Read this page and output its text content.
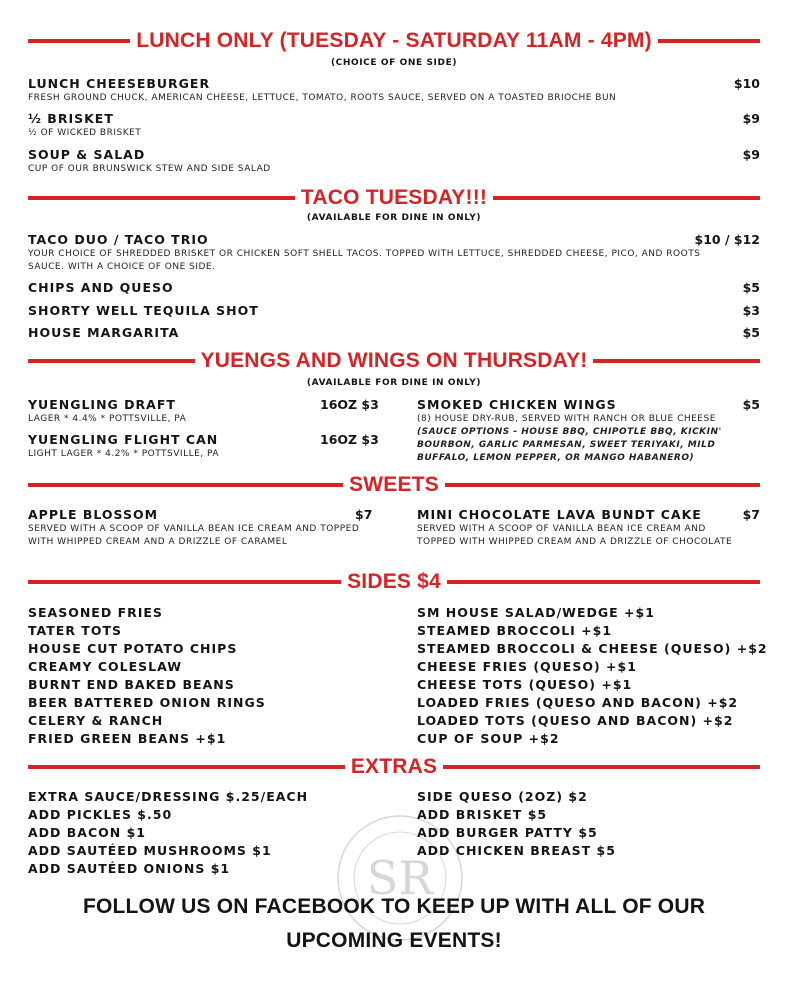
LUNCH ONLY (TUESDAY - SATURDAY 11AM - 4PM)
(CHOICE OF ONE SIDE)
LUNCH CHEESEBURGER	$10
FRESH GROUND CHUCK, AMERICAN CHEESE, LETTUCE, TOMATO, ROOTS SAUCE, SERVED ON A TOASTED BRIOCHE BUN
½ BRISKET	$9
½ OF WICKED BRISKET
SOUP & SALAD	$9
CUP OF OUR BRUNSWICK STEW AND SIDE SALAD
TACO TUESDAY!!!
(AVAILABLE FOR DINE IN ONLY)
TACO DUO / TACO TRIO	$10 / $12
YOUR CHOICE OF SHREDDED BRISKET OR CHICKEN SOFT SHELL TACOS. TOPPED WITH LETTUCE, SHREDDED CHEESE, PICO, AND ROOTS SAUCE. WITH A CHOICE OF ONE SIDE.
CHIPS AND QUESO	$5
SHORTY WELL TEQUILA SHOT	$3
HOUSE MARGARITA	$5
YUENGS AND WINGS ON THURSDAY!
(AVAILABLE FOR DINE IN ONLY)
YUENGLING DRAFT	16OZ $3
LAGER * 4.4% * POTTSVILLE, PA
YUENGLING FLIGHT CAN	16OZ $3
LIGHT LAGER * 4.2% * POTTSVILLE, PA
SMOKED CHICKEN WINGS	$5
(8) HOUSE DRY-RUB, SERVED WITH RANCH OR BLUE CHEESE
(SAUCE OPTIONS - HOUSE BBQ, CHIPOTLE BBQ, KICKIN' BOURBON, GARLIC PARMESAN, SWEET TERIYAKI, MILD BUFFALO, LEMON PEPPER, OR MANGO HABANERO)
SWEETS
APPLE BLOSSOM	$7
SERVED WITH A SCOOP OF VANILLA BEAN ICE CREAM AND TOPPED WITH WHIPPED CREAM AND A DRIZZLE OF CARAMEL
MINI CHOCOLATE LAVA BUNDT CAKE	$7
SERVED WITH A SCOOP OF VANILLA BEAN ICE CREAM AND TOPPED WITH WHIPPED CREAM AND A DRIZZLE OF CHOCOLATE
SIDES $4
SEASONED FRIES
TATER TOTS
HOUSE CUT POTATO CHIPS
CREAMY COLESLAW
BURNT END BAKED BEANS
BEER BATTERED ONION RINGS
CELERY & RANCH
FRIED GREEN BEANS +$1
SM HOUSE SALAD/WEDGE +$1
STEAMED BROCCOLI +$1
STEAMED BROCCOLI & CHEESE (QUESO) +$2
CHEESE FRIES (QUESO) +$1
CHEESE TOTS (QUESO) +$1
LOADED FRIES (QUESO AND BACON) +$2
LOADED TOTS (QUESO AND BACON) +$2
CUP OF SOUP +$2
EXTRAS
SR
EXTRA SAUCE/DRESSING $.25/EACH
ADD PICKLES $.50
ADD BACON $1
ADD SAUTÉED MUSHROOMS $1
ADD SAUTÉED ONIONS $1
SIDE QUESO (2OZ) $2
ADD BRISKET $5
ADD BURGER PATTY $5
ADD CHICKEN BREAST $5
FOLLOW US ON FACEBOOK TO KEEP UP WITH ALL OF OUR
UPCOMING EVENTS!
